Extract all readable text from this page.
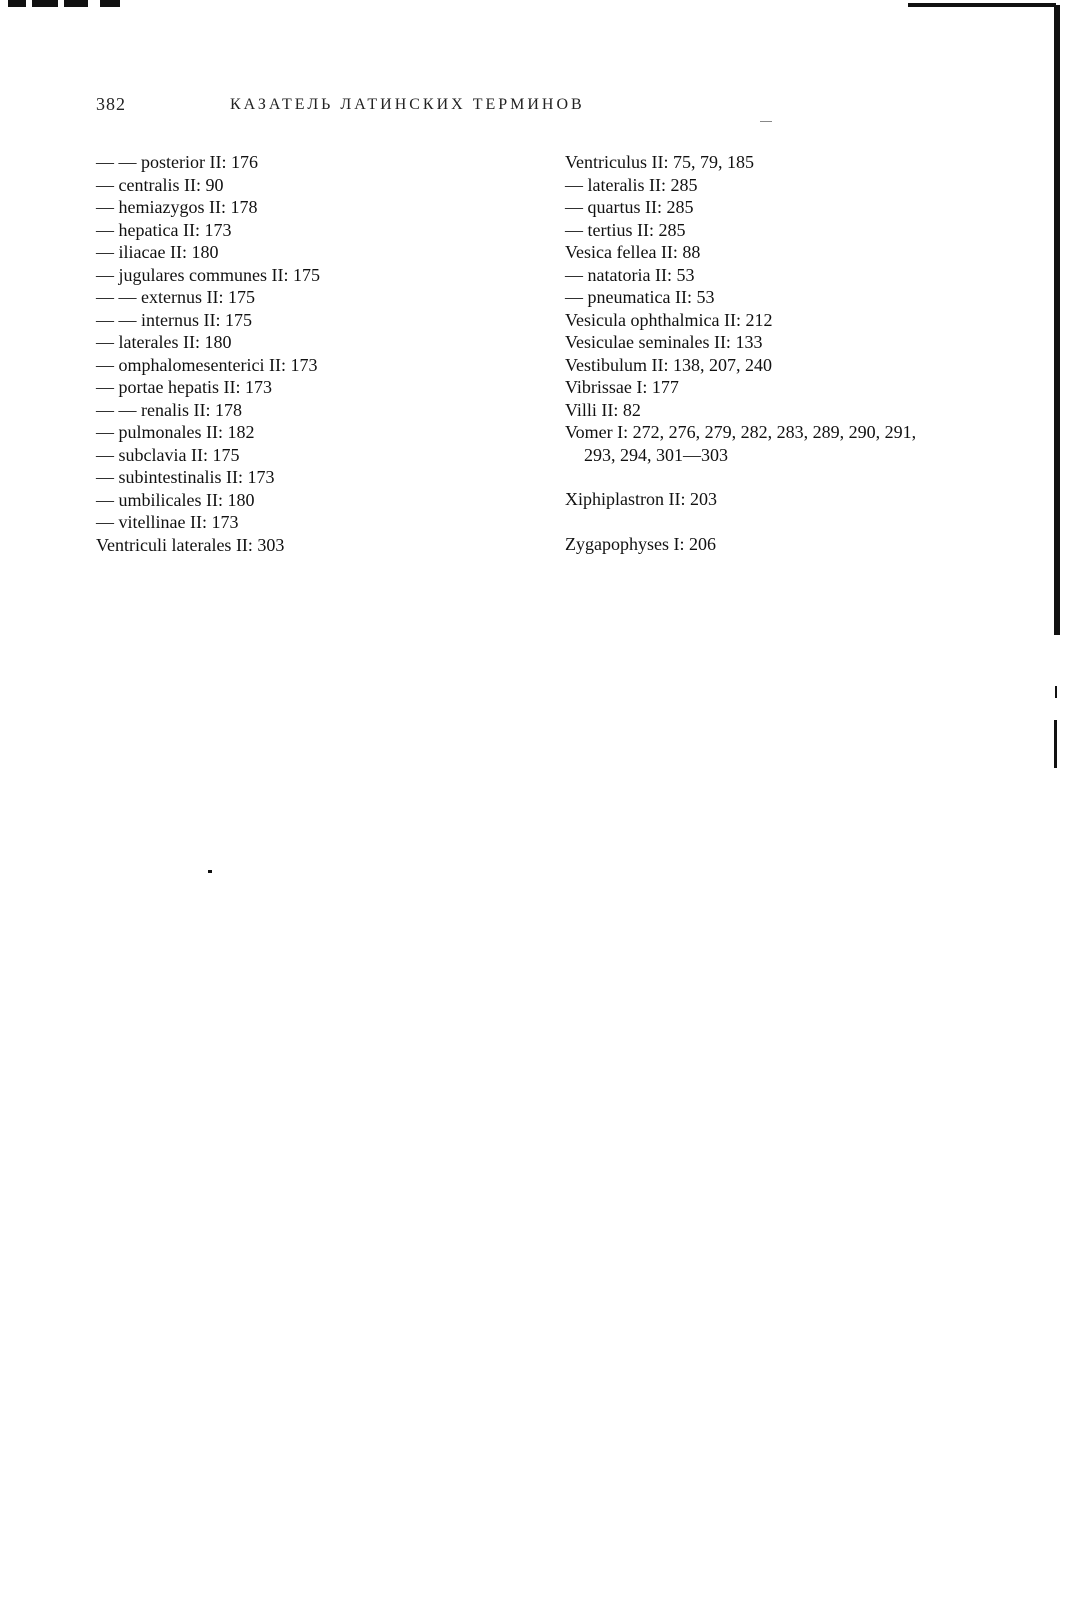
382	КАЗАТЕЛЬ ЛАТИНСКИХ ТЕРМИНОВ
— — posterior II: 176
— centralis II: 90
— hemiazygos II: 178
— hepatica II: 173
— iliacae II: 180
— jugulares communes II: 175
— — externus II: 175
— — internus II: 175
— laterales II: 180
— omphalomesenterici II: 173
— portae hepatis II: 173
— — renalis II: 178
— pulmonales II: 182
— subclavia II: 175
— subintestinalis II: 173
— umbilicales II: 180
— vitellinae II: 173
Ventriculi laterales II: 303
Ventriculus II: 75, 79, 185
— lateralis II: 285
— quartus II: 285
— tertius II: 285
Vesica fellea II: 88
— natatoria II: 53
— pneumatica II: 53
Vesicula ophthalmica II: 212
Vesiculae seminales II: 133
Vestibulum II: 138, 207, 240
Vibrissae I: 177
Villi II: 82
Vomer I: 272, 276, 279, 282, 283, 289, 290, 291,
293, 294, 301—303
Xiphiplastron II: 203
Zygapophyses I: 206
